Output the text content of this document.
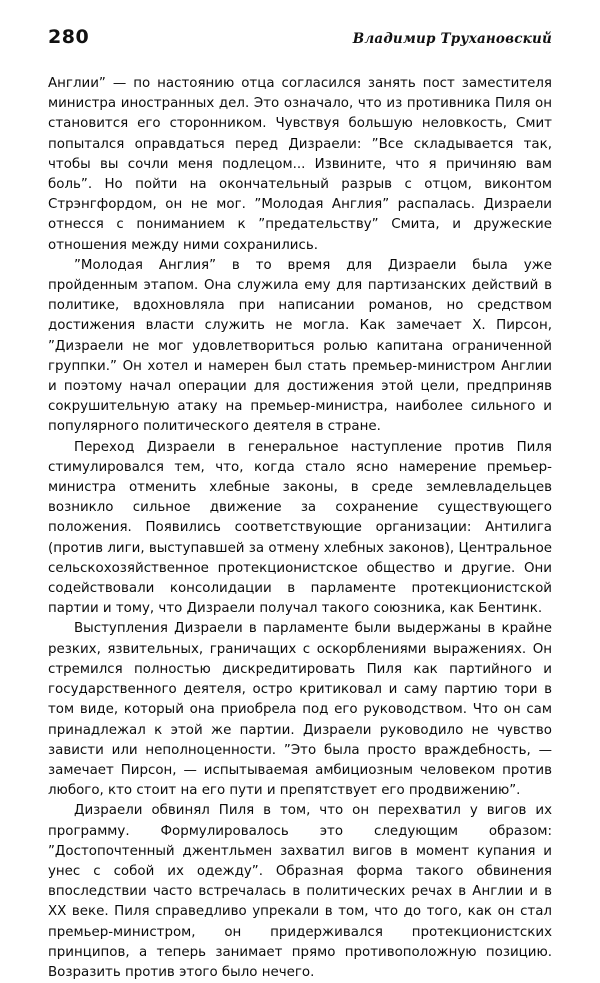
280	Владимир Трухановский

Англии” — по настоянию отца согласился занять пост заместителя министра иностранных дел. Это означало, что из противника Пиля он становится его сторонником. Чувствуя большую неловкость, Смит попытался оправдаться перед Дизраели: ”Все складывается так, чтобы вы сочли меня подлецом... Извините, что я причиняю вам боль”. Но пойти на окончательный разрыв с отцом, виконтом Стрэнгфордом, он не мог. ”Молодая Англия” распалась. Дизраели отнесся с пониманием к ”предательству” Смита, и дружеские отношения между ними сохранились.

”Молодая Англия” в то время для Дизраели была уже пройденным этапом. Она служила ему для партизанских действий в политике, вдохновляла при написании романов, но средством достижения власти служить не могла. Как замечает X. Пирсон, ”Дизраели не мог удовлетвориться ролью капитана ограниченной группки.” Он хотел и намерен был стать премьер-министром Англии и поэтому начал операции для достижения этой цели, предприняв сокрушительную атаку на премьер-министра, наиболее сильного и популярного политического деятеля в стране.

Переход Дизраели в генеральное наступление против Пиля стимулировался тем, что, когда стало ясно намерение премьер-министра отменить хлебные законы, в среде землевладельцев возникло сильное движение за сохранение существующего положения. Появились соответствующие организации: Антилига (против лиги, выступавшей за отмену хлебных законов), Центральное сельскохозяйственное протекционистское общество и другие. Они содействовали консолидации в парламенте протекционистской партии и тому, что Дизраели получал такого союзника, как Бентинк.

Выступления Дизраели в парламенте были выдержаны в крайне резких, язвительных, граничащих с оскорблениями выражениях. Он стремился полностью дискредитировать Пиля как партийного и государственного деятеля, остро критиковал и саму партию тори в том виде, который она приобрела под его руководством. Что он сам принадлежал к этой же партии. Дизраели руководило не чувство зависти или неполноценности. ”Это была просто враждебность, — замечает Пирсон, — испытываемая амбициозным человеком против любого, кто стоит на его пути и препятствует его продвижению”.

Дизраели обвинял Пиля в том, что он перехватил у вигов их программу. Формулировалось это следующим образом: ”Достопочтенный джентльмен захватил вигов в момент купания и унес с собой их одежду”. Образная форма такого обвинения впоследствии часто встречалась в политических речах в Англии и в XX веке. Пиля справедливо упрекали в том, что до того, как он стал премьер-министром, он придерживался протекционистских принципов, а теперь занимает прямо противоположную позицию. Возразить против этого было нечего.
